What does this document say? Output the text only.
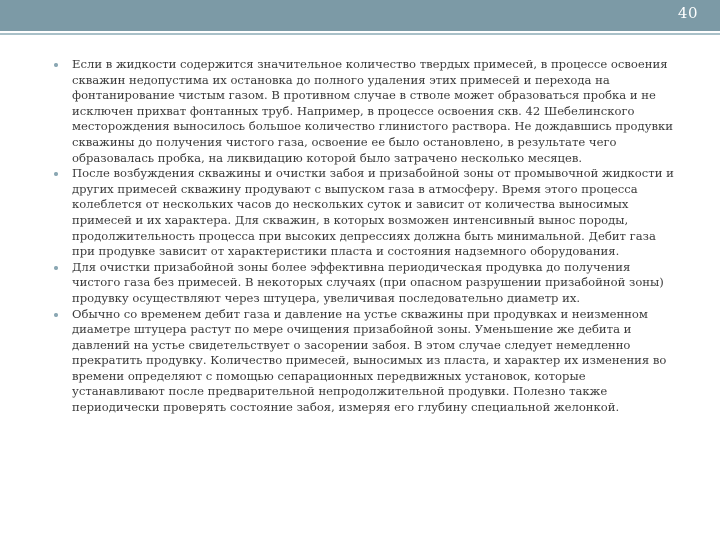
40
Если в жидкости содержится значительное количество твердых примесей, в процессе освоения скважин недопустима их остановка до полного удаления этих примесей и перехода на фонтанирование чистым газом. В противном случае в стволе может образоваться пробка и не исключен прихват фонтанных труб. Например, в процессе освоения скв. 42 Шебелинского месторождения выносилось большое количество глинистого раствора. Не дождавшись продувки скважины до получения чистого газа, освоение ее было остановлено, в результате чего образовалась пробка, на ликвидацию которой было затрачено несколько месяцев.
После возбуждения скважины и очистки забоя и призабойной зоны от промывочной жидкости и других примесей скважину продувают с выпуском газа в атмосферу. Время этого процесса колеблется от нескольких часов до нескольких суток и зависит от количества выносимых примесей и их характера. Для скважин, в которых возможен интенсивный вынос породы, продолжительность процесса при высоких депрессиях должна быть минимальной. Дебит газа при продувке зависит от характеристики пласта и состояния надземного оборудования.
Для очистки призабойной зоны более эффективна периодическая продувка до получения чистого газа без примесей. В некоторых случаях (при опасном разрушении призабойной зоны) продувку осуществляют через штуцера, увеличивая последовательно диаметр их.
Обычно со временем дебит газа и давление на устье скважины при продувках и неизменном диаметре штуцера растут по мере очищения призабойной зоны. Уменьшение же дебита и давлений на устье свидетельствует о засорении забоя. В этом случае следует немедленно прекратить продувку. Количество примесей, выносимых из пласта, и характер их изменения во времени определяют с помощью сепарационных передвижных установок, которые устанавливают после предварительной непродолжительной продувки. Полезно также периодически проверять состояние забоя, измеряя его глубину специальной желонкой.
